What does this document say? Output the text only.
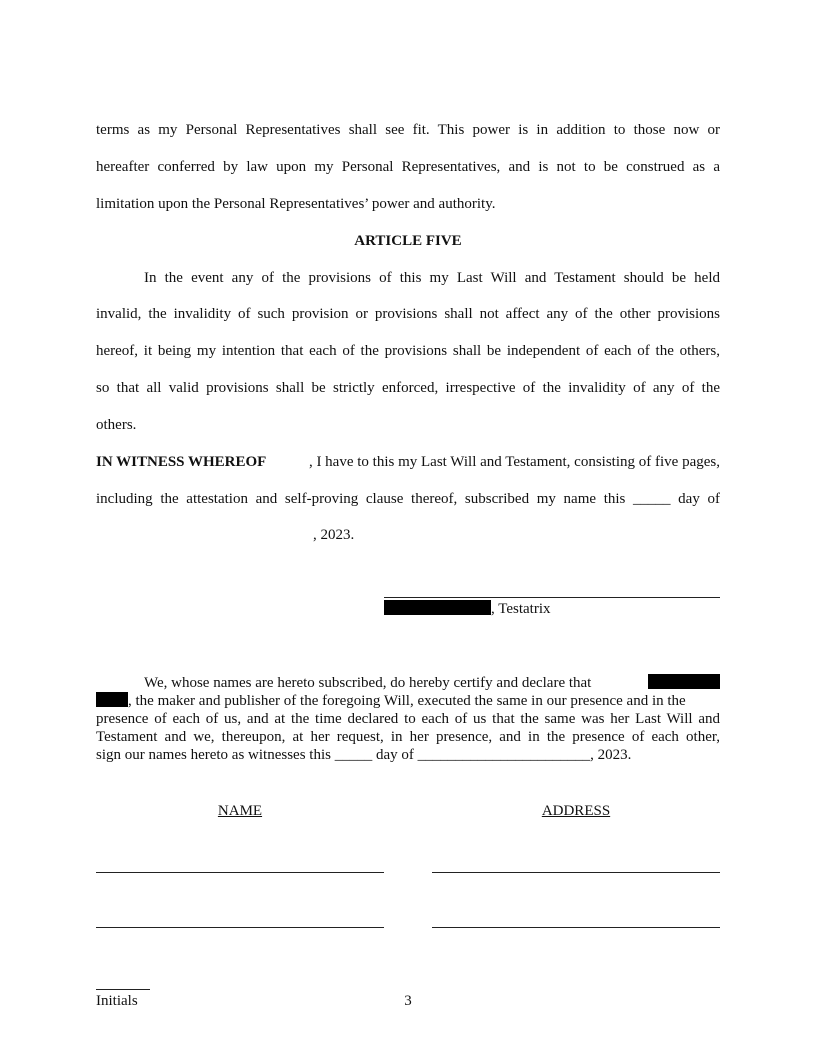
terms as my Personal Representatives shall see fit. This power is in addition to those now or
hereafter conferred by law upon my Personal Representatives, and is not to be construed as a
limitation upon the Personal Representatives’ power and authority.
ARTICLE FIVE
In the event any of the provisions of this my Last Will and Testament should be held
invalid, the invalidity of such provision or provisions shall not affect any of the other provisions
hereof, it being my intention that each of the provisions shall be independent of each of the others,
so that all valid provisions shall be strictly enforced, irrespective of the invalidity of any of the
others.
IN WITNESS WHEREOF	, I have to this my Last Will and Testament, consisting of five pages,
including the attestation and self-proving clause thereof, subscribed my name this _____ day of
, 2023.
, Testatrix
We, whose names are hereto subscribed, do hereby certify and declare that
, the maker and publisher of the foregoing Will, executed the same in our presence and in the
presence of each of us, and at the time declared to each of us that the same was her Last Will and
Testament and we, thereupon, at her request, in her presence, and in the presence of each other,
sign our names hereto as witnesses this _____ day of _______________________, 2023.
NAME	ADDRESS
Initials	3
